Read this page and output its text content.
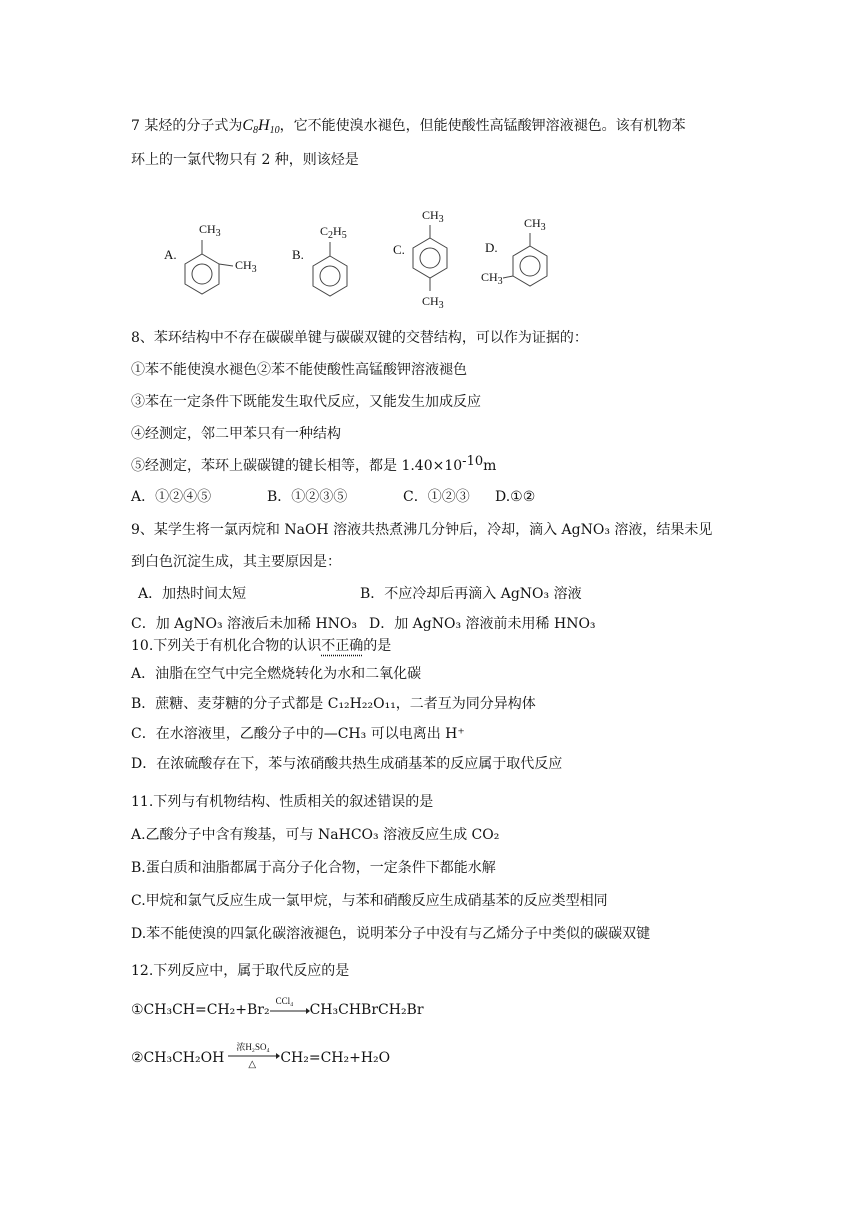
7 某烃的分子式为$C_8H_{10}$，它不能使溴水褪色，但能使酸性高锰酸钾溶液褪色。该有机物苯
环上的一氯代物只有 2 种，则该烃是
A.
$CH_3$
$CH_3$
B.
$C_2H_5$
C.
$CH_3$
$CH_3$
D.
$CH_3$
$CH_3$
8、苯环结构中不存在碳碳单键与碳碳双键的交替结构，可以作为证据的：
①苯不能使溴水褪色②苯不能使酸性高锰酸钾溶液褪色
③苯在一定条件下既能发生取代反应，又能发生加成反应
④经测定，邻二甲苯只有一种结构
⑤经测定，苯环上碳碳键的键长相等，都是 $1.40\times 10^{-10}m$
A．①②④⑤	B．①②③⑤	C．①②③ D.①②
9、某学生将一氯丙烷和 NaOH 溶液共热煮沸几分钟后，冷却，滴入 AgNO₃ 溶液，结果未见
到白色沉淀生成，其主要原因是：
A．加热时间太短	B．不应冷却后再滴入 AgNO₃ 溶液
C．加 AgNO₃ 溶液后未加稀 HNO₃ D．加 AgNO₃ 溶液前未用稀 HNO₃
10.下列关于有机化合物的认识不正确的是
A．油脂在空气中完全燃烧转化为水和二氧化碳
B．蔗糖、麦芽糖的分子式都是 C₁₂H₂₂O₁₁，二者互为同分异构体
C．在水溶液里，乙酸分子中的—CH₃ 可以电离出 H⁺
D．在浓硫酸存在下，苯与浓硝酸共热生成硝基苯的反应属于取代反应
11.下列与有机物结构、性质相关的叙述错误的是
A.乙酸分子中含有羧基，可与 NaHCO₃ 溶液反应生成 CO₂
B.蛋白质和油脂都属于高分子化合物，一定条件下都能水解
C.甲烷和氯气反应生成一氯甲烷，与苯和硝酸反应生成硝基苯的反应类型相同
D.苯不能使溴的四氯化碳溶液褪色，说明苯分子中没有与乙烯分子中类似的碳碳双键
12.下列反应中，属于取代反应的是
①CH₃CH=CH₂+Br₂
CCl₄
CH₃CHBrCH₂Br
②CH₃CH₂OH
浓H₂SO₄
△ CH₂=CH₂+H₂O
